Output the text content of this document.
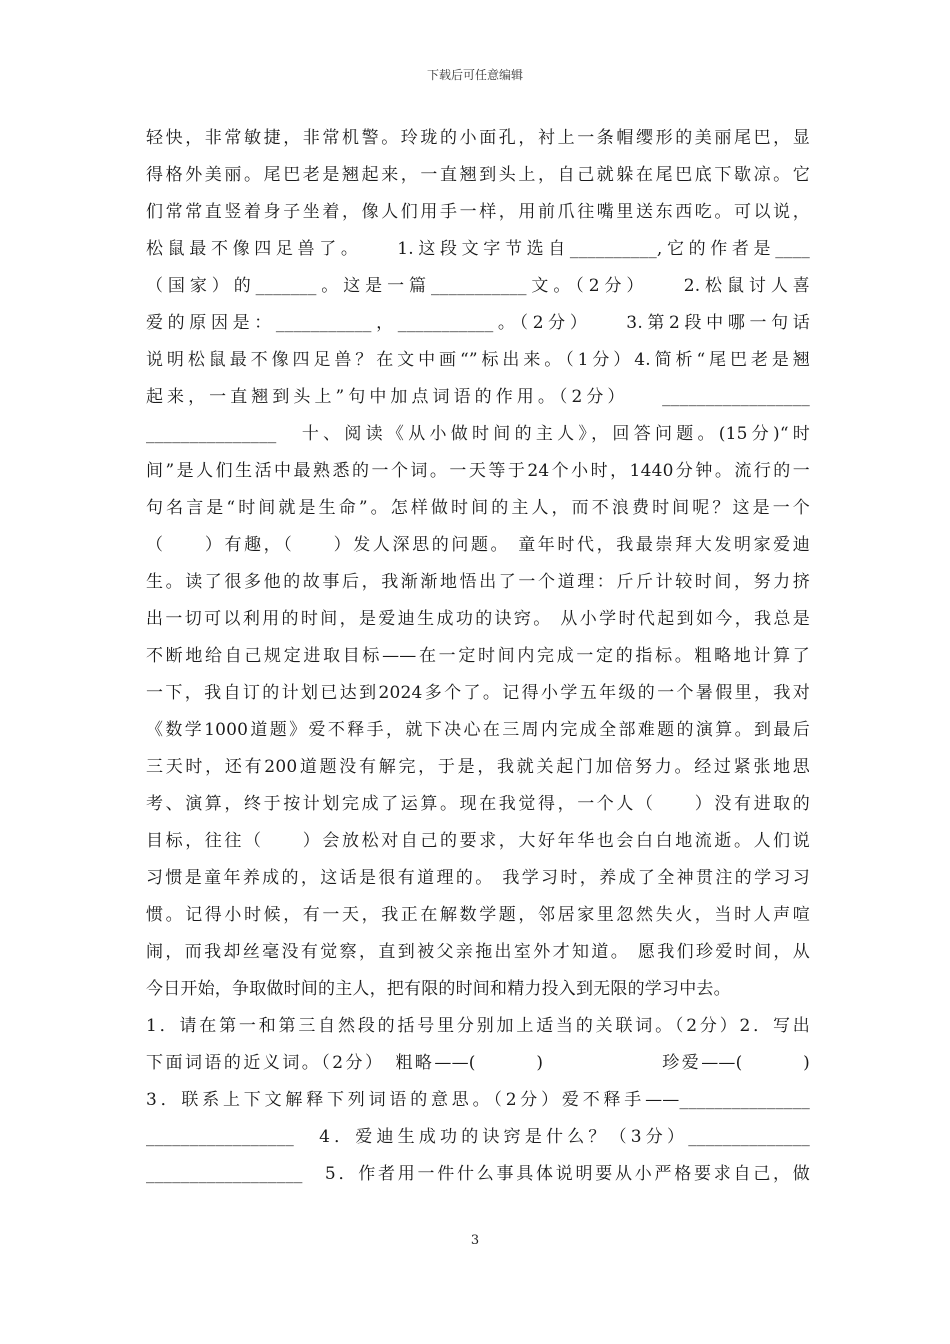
下载后可任意编辑
轻快，非常敏捷，非常机警。玲珑的小面孔，衬上一条帽缨形的美丽尾巴，显
得格外美丽。尾巴老是翘起来，一直翘到头上，自己就躲在尾巴底下歇凉。它
们常常直竖着身子坐着，像人们用手一样，用前爪往嘴里送东西吃。可以说，
松鼠最不像四足兽了。　　1.这段文字节选自__________,它的作者是____
（国家）的_______。这是一篇___________文。（2分）　　2.松鼠讨人喜
爱的原因是：___________，___________。（2分）　　3.第2段中哪一句话
说明松鼠最不像四足兽？在文中画“”标出来。（1分）4.简析“尾巴老是翘
起来，一直翘到头上”句中加点词语的作用。（2分）　　_________________
_______________　十、阅读《从小做时间的主人》，回答问题。(15分)“时
间”是人们生活中最熟悉的一个词。一天等于24个小时，1440分钟。流行的一
句名言是“时间就是生命”。怎样做时间的主人，而不浪费时间呢？这是一个
（　　）有趣，（　　）发人深思的问题。 童年时代，我最崇拜大发明家爱迪
生。读了很多他的故事后，我渐渐地悟出了一个道理：斤斤计较时间，努力挤
出一切可以利用的时间，是爱迪生成功的诀窍。 从小学时代起到如今，我总是
不断地给自己规定进取目标——在一定时间内完成一定的指标。粗略地计算了
一下，我自订的计划已达到2024多个了。记得小学五年级的一个暑假里，我对
《数学1000道题》爱不释手，就下决心在三周内完成全部难题的演算。到最后
三天时，还有200道题没有解完，于是，我就关起门加倍努力。经过紧张地思
考、演算，终于按计划完成了运算。现在我觉得，一个人（　　）没有进取的
目标，往往（　　）会放松对自己的要求，大好年华也会白白地流逝。人们说
习惯是童年养成的，这话是很有道理的。 我学习时，养成了全神贯注的学习习
惯。记得小时候，有一天，我正在解数学题，邻居家里忽然失火，当时人声喧
闹，而我却丝毫没有觉察，直到被父亲拖出室外才知道。 愿我们珍爱时间，从
今日开始，争取做时间的主人，把有限的时间和精力投入到无限的学习中去。
1．请在第一和第三自然段的括号里分别加上适当的关联词。（2分）2．写出
下面词语的近义词。（2分）　粗略——(　　　)　　　　　　珍爱——(　　　)
3．联系上下文解释下列词语的意思。（2分）爱不释手——_______________
_________________　4．爱迪生成功的诀窍是什么？（3分）______________
__________________　5．作者用一件什么事具体说明要从小严格要求自己，做
3
